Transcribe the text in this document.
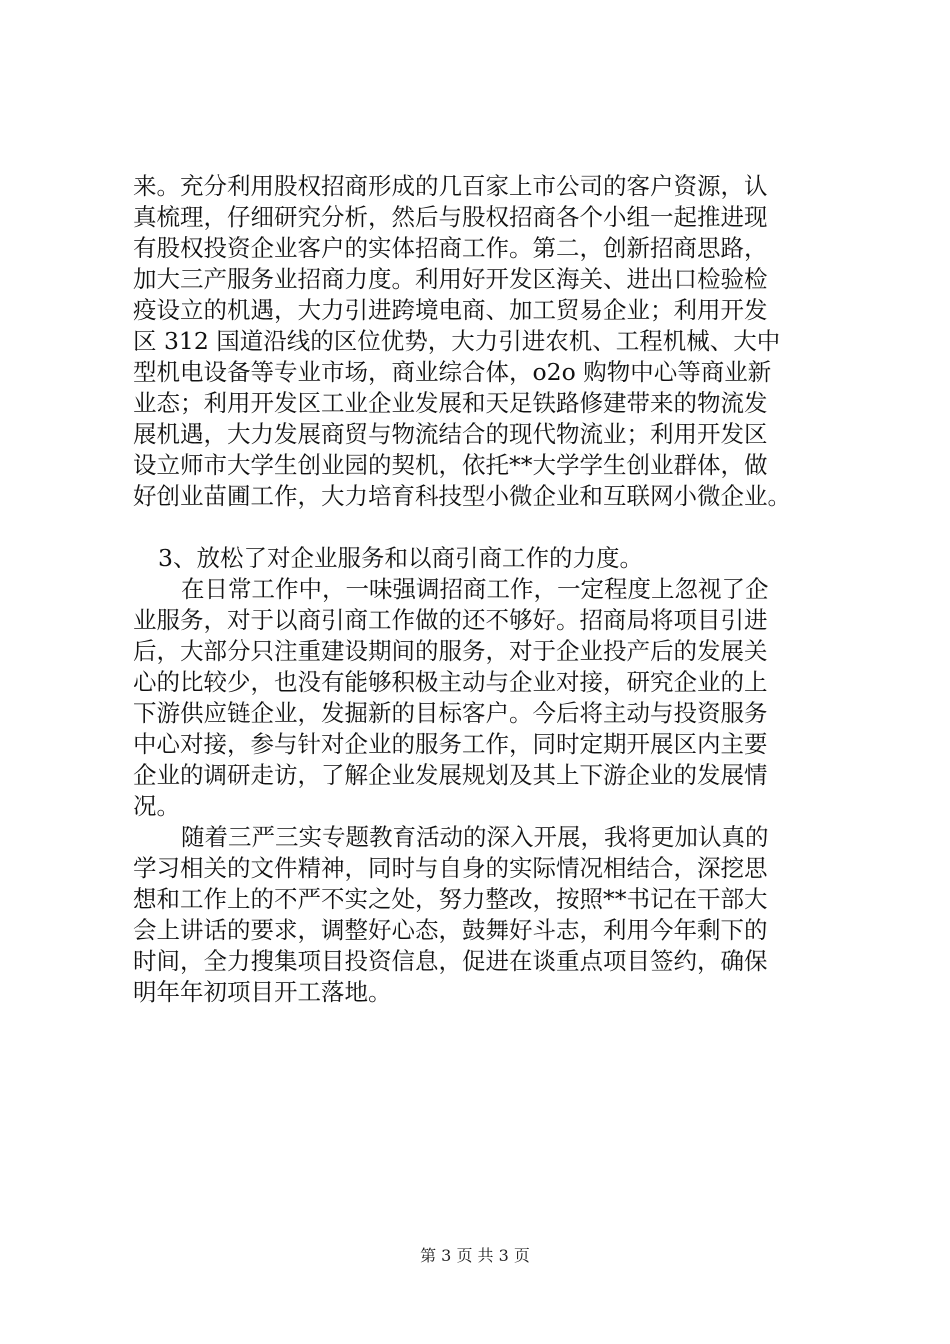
来。充分利用股权招商形成的几百家上市公司的客户资源，认
真梳理，仔细研究分析，然后与股权招商各个小组一起推进现
有股权投资企业客户的实体招商工作。第二，创新招商思路，
加大三产服务业招商力度。利用好开发区海关、进出口检验检
疫设立的机遇，大力引进跨境电商、加工贸易企业；利用开发
区 312 国道沿线的区位优势，大力引进农机、工程机械、大中
型机电设备等专业市场，商业综合体，o2o 购物中心等商业新
业态；利用开发区工业企业发展和天足铁路修建带来的物流发
展机遇，大力发展商贸与物流结合的现代物流业；利用开发区
设立师市大学生创业园的契机，依托**大学学生创业群体，做
好创业苗圃工作，大力培育科技型小微企业和互联网小微企业。
3、放松了对企业服务和以商引商工作的力度。
在日常工作中，一味强调招商工作，一定程度上忽视了企
业服务，对于以商引商工作做的还不够好。招商局将项目引进
后，大部分只注重建设期间的服务，对于企业投产后的发展关
心的比较少，也没有能够积极主动与企业对接，研究企业的上
下游供应链企业，发掘新的目标客户。今后将主动与投资服务
中心对接，参与针对企业的服务工作，同时定期开展区内主要
企业的调研走访，了解企业发展规划及其上下游企业的发展情
况。
随着三严三实专题教育活动的深入开展，我将更加认真的
学习相关的文件精神，同时与自身的实际情况相结合，深挖思
想和工作上的不严不实之处，努力整改，按照**书记在干部大
会上讲话的要求，调整好心态，鼓舞好斗志，利用今年剩下的
时间，全力搜集项目投资信息，促进在谈重点项目签约，确保
明年年初项目开工落地。
第 3 页 共 3 页
